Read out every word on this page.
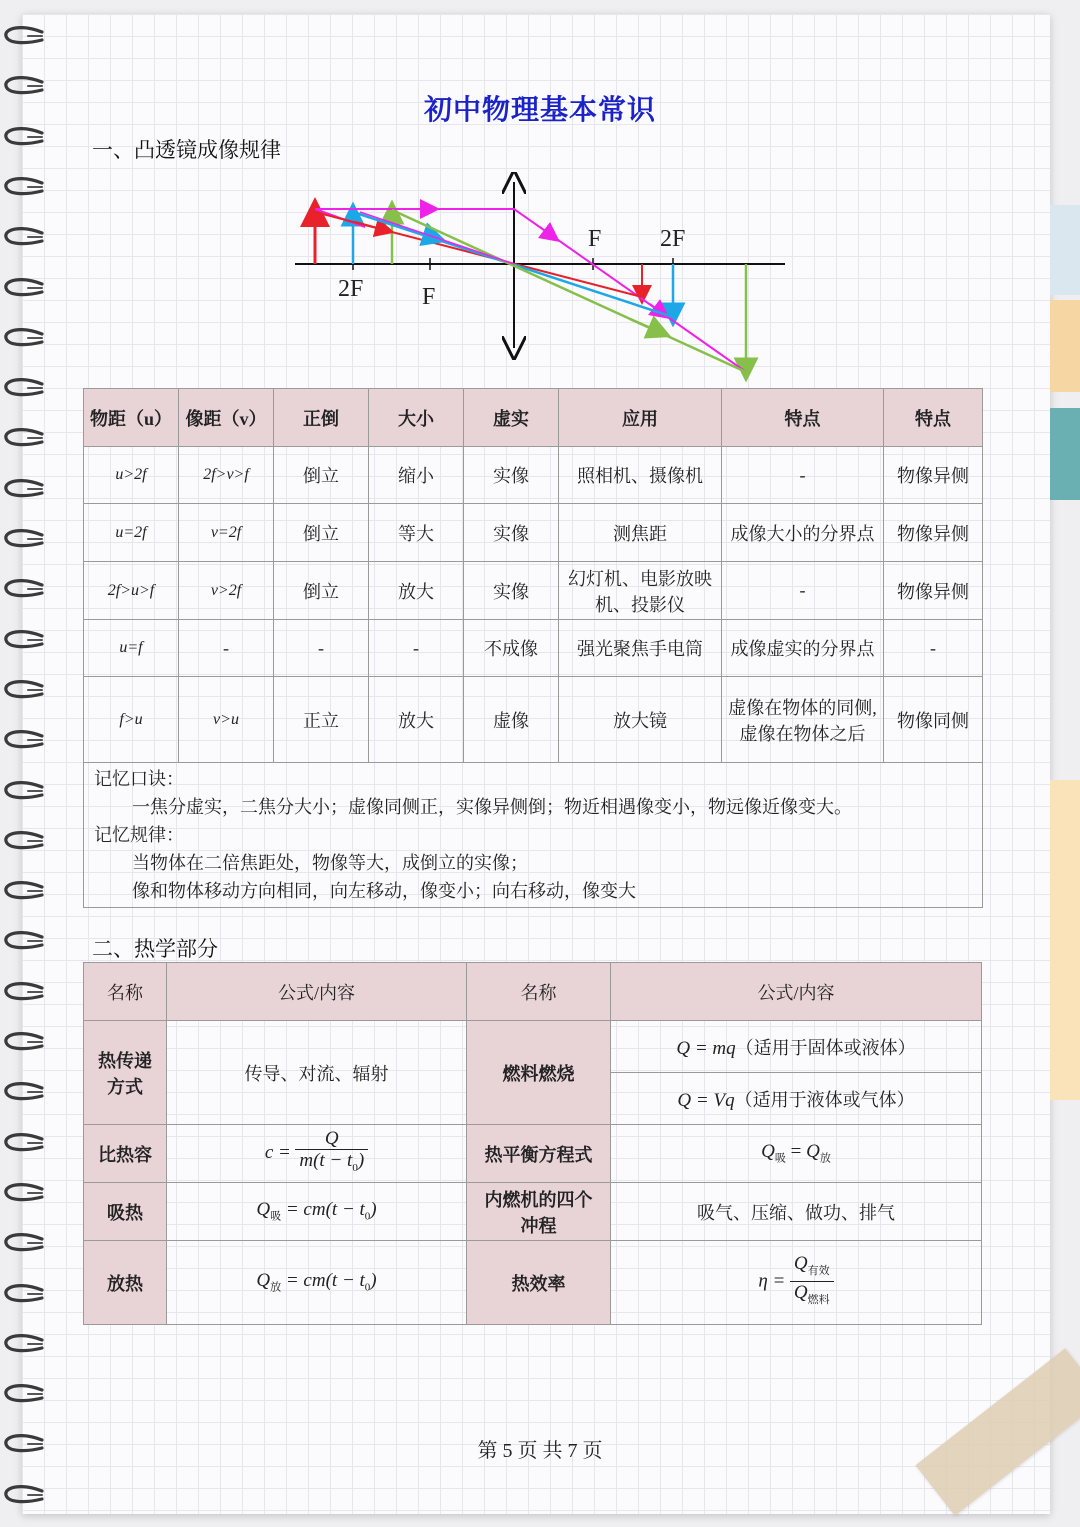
初中物理基本常识
一、凸透镜成像规律
2F F
F 2F
物距（u）	像距（v）	正倒	大小	虚实	应用	特点	特点
u>2f	2f>v>f	倒立	缩小	实像	照相机、摄像机	-	物像异侧
u=2f	v=2f	倒立	等大	实像	测焦距	成像大小的分界点	物像异侧
2f>u>f	v>2f	倒立	放大	实像	幻灯机、电影放映机、投影仪	-	物像异侧
u=f	-	-	-	不成像	强光聚焦手电筒	成像虚实的分界点	-
f>u	v>u	正立	放大	虚像	放大镜	虚像在物体的同侧,虚像在物体之后	物像同侧

记忆口诀：
一焦分虚实，二焦分大小；虚像同侧正，实像异侧倒；物近相遇像变小，物远像近像变大。
记忆规律：
当物体在二倍焦距处，物像等大，成倒立的实像；
像和物体移动方向相同，向左移动，像变小；向右移动，像变大							
二、热学部分
名称	公式/内容	名称	公式/内容
热传递方式	传导、对流、辐射	燃料燃烧	Q = mq（适用于固体或液体）
			Q = Vq（适用于液体或气体）
比热容	$c = \frac{Q}{m(t - t_0)}$	热平衡方程式	$Q_吸 = Q_放$
吸热	$Q_吸 = cm(t - t_0)$	内燃机的四个冲程	吸气、压缩、做功、排气
放热	$Q_放 = cm(t - t_0)$	热效率	$\eta = \frac{Q_{有效}}{Q_{燃料}}$
第 5 页 共 7 页
